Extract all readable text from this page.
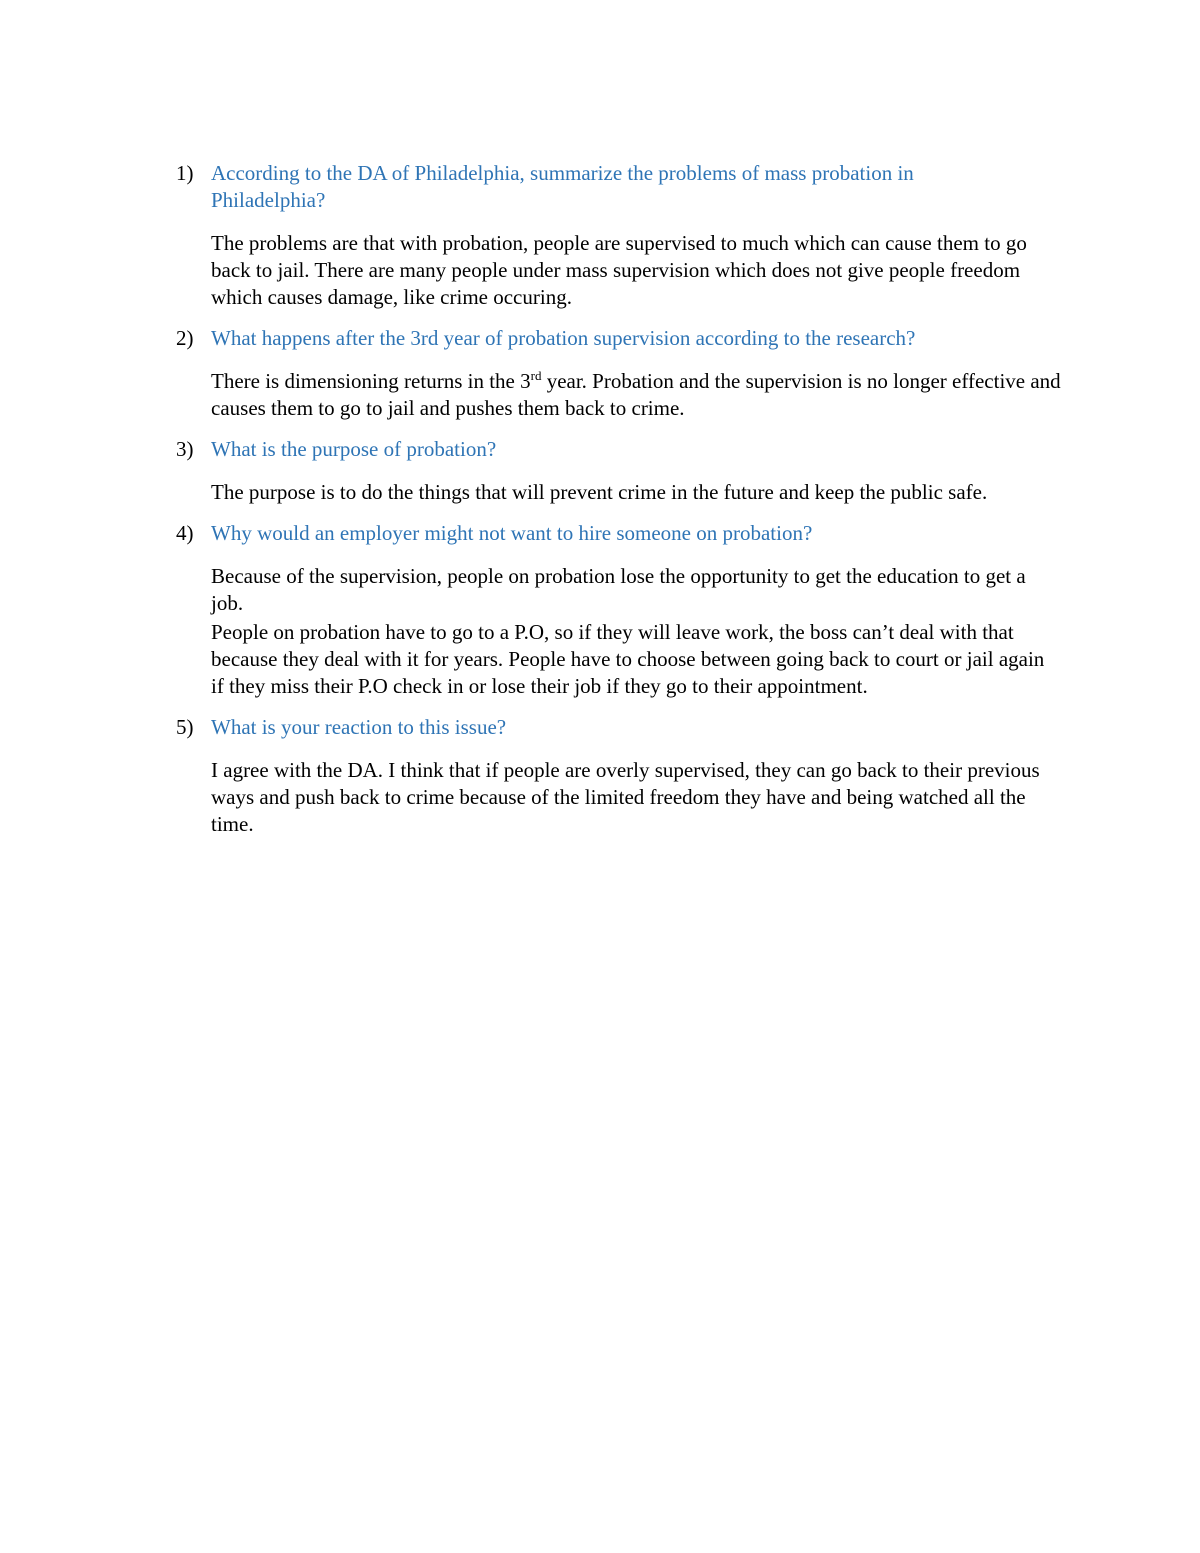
1) According to the DA of Philadelphia, summarize the problems of mass probation in Philadelphia?

The problems are that with probation, people are supervised to much which can cause them to go back to jail. There are many people under mass supervision which does not give people freedom which causes damage, like crime occuring.

2) What happens after the 3rd year of probation supervision according to the research?

There is dimensioning returns in the 3rd year. Probation and the supervision is no longer effective and causes them to go to jail and pushes them back to crime.

3) What is the purpose of probation?

The purpose is to do the things that will prevent crime in the future and keep the public safe.

4) Why would an employer might not want to hire someone on probation?

Because of the supervision, people on probation lose the opportunity to get the education to get a job.

People on probation have to go to a P.O, so if they will leave work, the boss can’t deal with that because they deal with it for years. People have to choose between going back to court or jail again if they miss their P.O check in or lose their job if they go to their appointment.

5) What is your reaction to this issue?

I agree with the DA. I think that if people are overly supervised, they can go back to their previous ways and push back to crime because of the limited freedom they have and being watched all the time.
